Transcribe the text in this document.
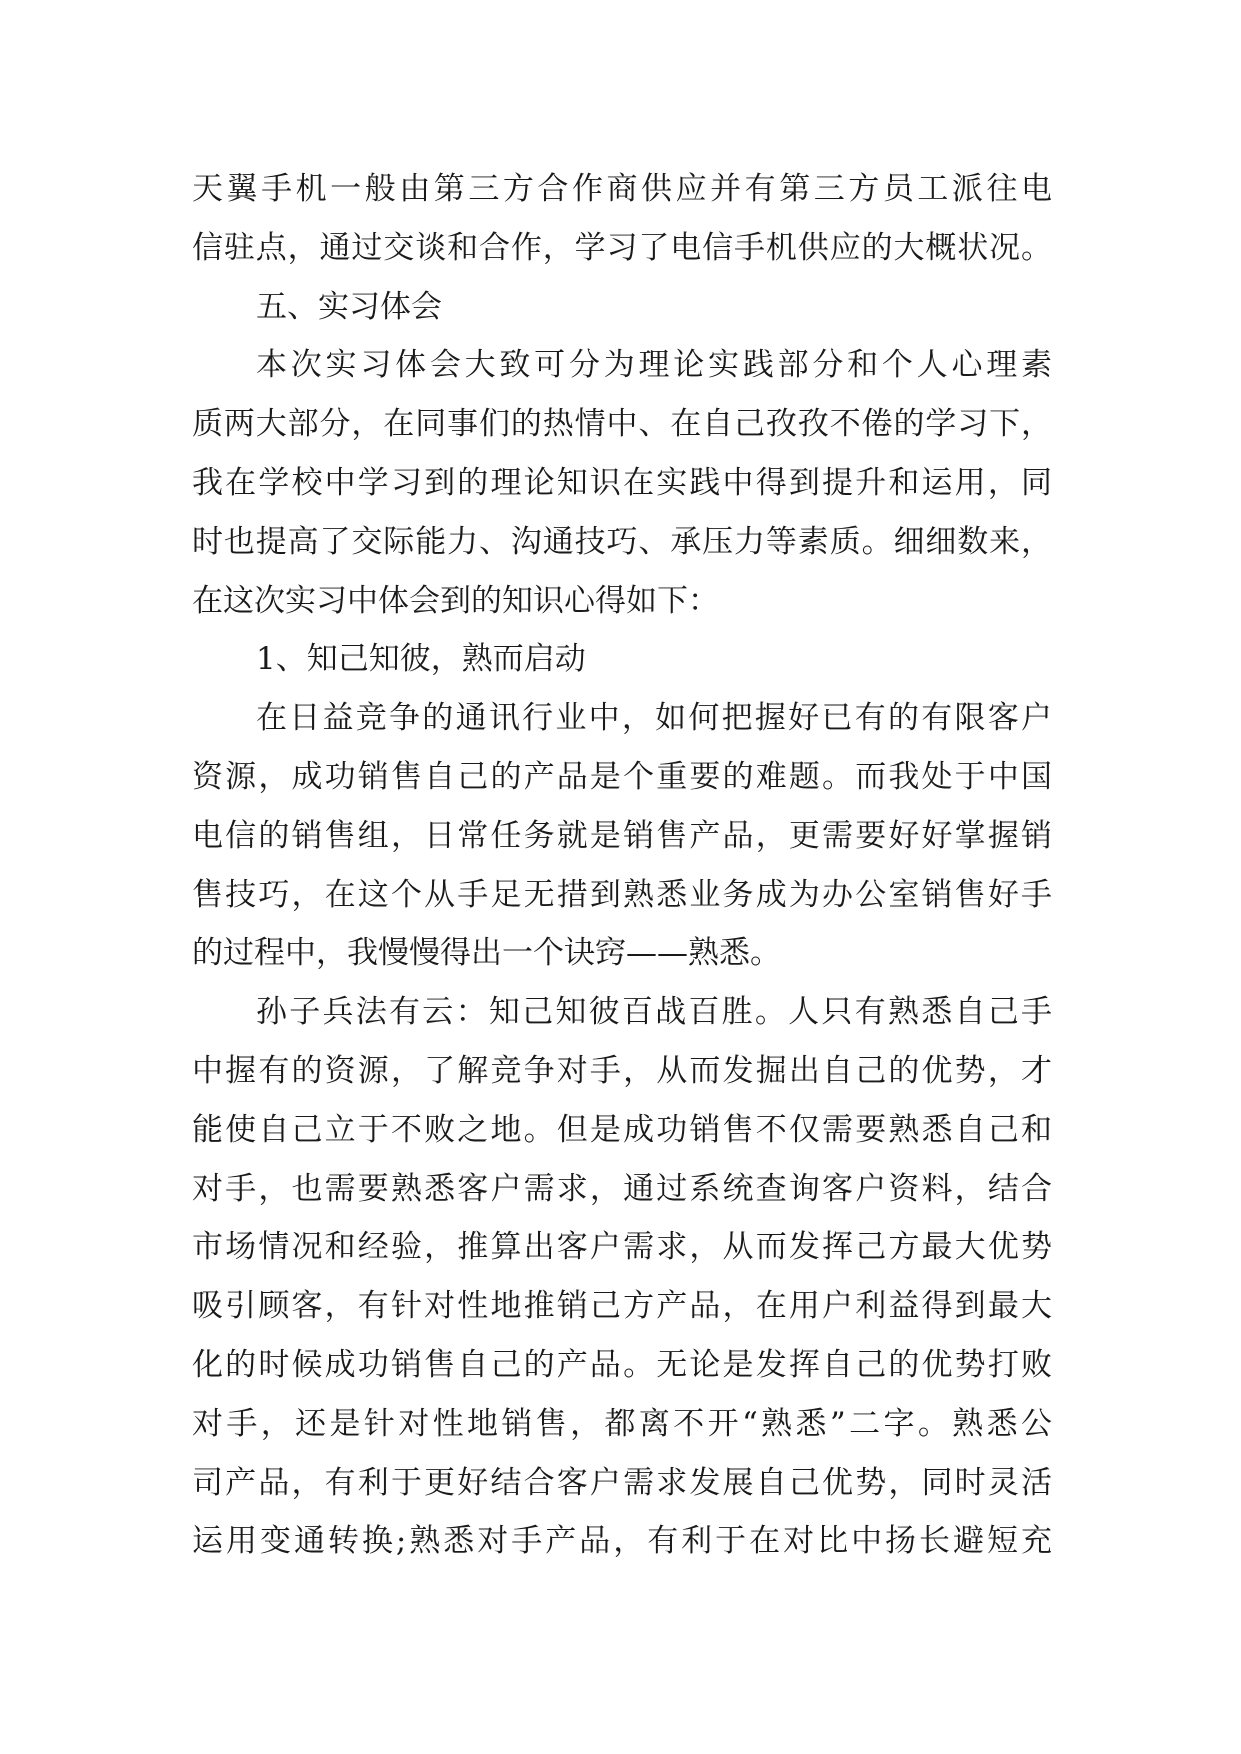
天翼手机一般由第三方合作商供应并有第三方员工派往电
信驻点，通过交谈和合作，学习了电信手机供应的大概状况。
五、实习体会
本次实习体会大致可分为理论实践部分和个人心理素
质两大部分，在同事们的热情中、在自己孜孜不倦的学习下，
我在学校中学习到的理论知识在实践中得到提升和运用，同
时也提高了交际能力、沟通技巧、承压力等素质。细细数来，
在这次实习中体会到的知识心得如下：
1、知己知彼，熟而启动
在日益竞争的通讯行业中，如何把握好已有的有限客户
资源，成功销售自己的产品是个重要的难题。而我处于中国
电信的销售组，日常任务就是销售产品，更需要好好掌握销
售技巧，在这个从手足无措到熟悉业务成为办公室销售好手
的过程中，我慢慢得出一个诀窍——熟悉。
孙子兵法有云：知己知彼百战百胜。人只有熟悉自己手
中握有的资源，了解竞争对手，从而发掘出自己的优势，才
能使自己立于不败之地。但是成功销售不仅需要熟悉自己和
对手，也需要熟悉客户需求，通过系统查询客户资料，结合
市场情况和经验，推算出客户需求，从而发挥己方最大优势
吸引顾客，有针对性地推销己方产品，在用户利益得到最大
化的时候成功销售自己的产品。无论是发挥自己的优势打败
对手，还是针对性地销售，都离不开“熟悉”二字。熟悉公
司产品，有利于更好结合客户需求发展自己优势，同时灵活
运用变通转换;熟悉对手产品，有利于在对比中扬长避短充
